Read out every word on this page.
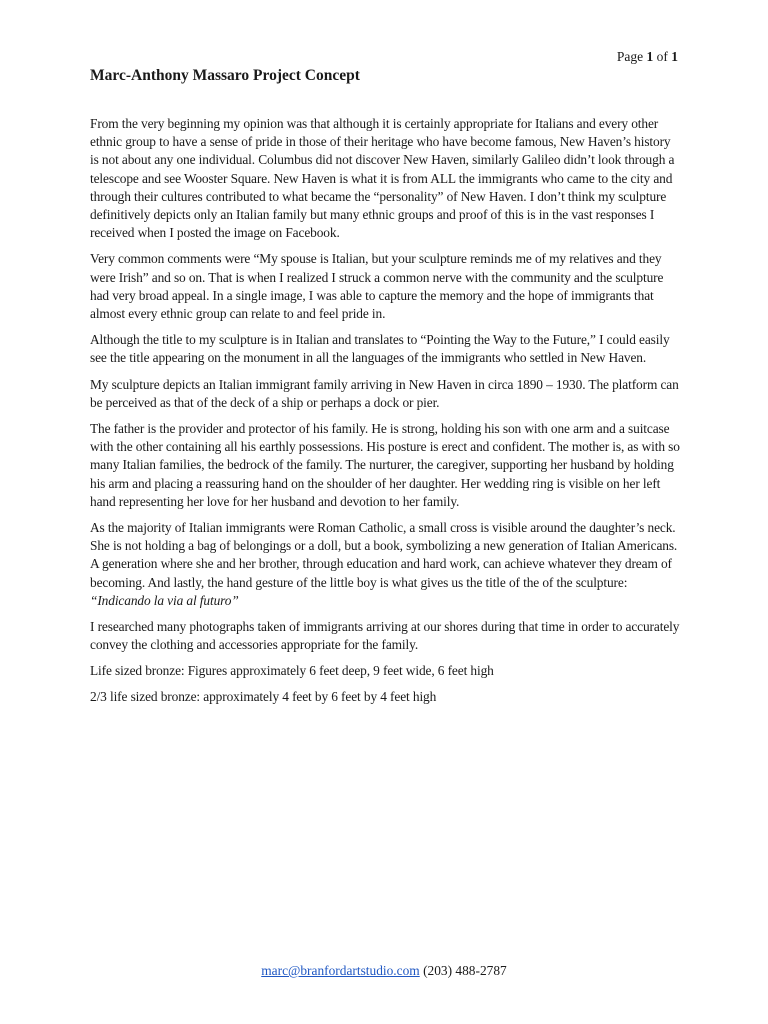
Page 1 of 1
Marc-Anthony Massaro Project Concept

From the very beginning my opinion was that although it is certainly appropriate for Italians and every other ethnic group to have a sense of pride in those of their heritage who have become famous, New Haven’s history is not about any one individual. Columbus did not discover New Haven, similarly Galileo didn’t look through a telescope and see Wooster Square. New Haven is what it is from ALL the immigrants who came to the city and through their cultures contributed to what became the “personality” of New Haven. I don’t think my sculpture definitively depicts only an Italian family but many ethnic groups and proof of this is in the vast responses I received when I posted the image on Facebook.

Very common comments were “My spouse is Italian, but your sculpture reminds me of my relatives and they were Irish” and so on. That is when I realized I struck a common nerve with the community and the sculpture had very broad appeal. In a single image, I was able to capture the memory and the hope of immigrants that almost every ethnic group can relate to and feel pride in.

Although the title to my sculpture is in Italian and translates to “Pointing the Way to the Future,” I could easily see the title appearing on the monument in all the languages of the immigrants who settled in New Haven.

My sculpture depicts an Italian immigrant family arriving in New Haven in circa 1890 – 1930. The platform can be perceived as that of the deck of a ship or perhaps a dock or pier.

The father is the provider and protector of his family. He is strong, holding his son with one arm and a suitcase with the other containing all his earthly possessions. His posture is erect and confident. The mother is, as with so many Italian families, the bedrock of the family. The nurturer, the caregiver, supporting her husband by holding his arm and placing a reassuring hand on the shoulder of her daughter. Her wedding ring is visible on her left hand representing her love for her husband and devotion to her family.

As the majority of Italian immigrants were Roman Catholic, a small cross is visible around the daughter’s neck. She is not holding a bag of belongings or a doll, but a book, symbolizing a new generation of Italian Americans. A generation where she and her brother, through education and hard work, can achieve whatever they dream of becoming. And lastly, the hand gesture of the little boy is what gives us the title of the of the sculpture: “Indicando la via al futuro”

I researched many photographs taken of immigrants arriving at our shores during that time in order to accurately convey the clothing and accessories appropriate for the family.

Life sized bronze: Figures approximately 6 feet deep, 9 feet wide, 6 feet high

2/3 life sized bronze: approximately 4 feet by 6 feet by 4 feet high

marc@branfordartstudio.com (203) 488-2787
